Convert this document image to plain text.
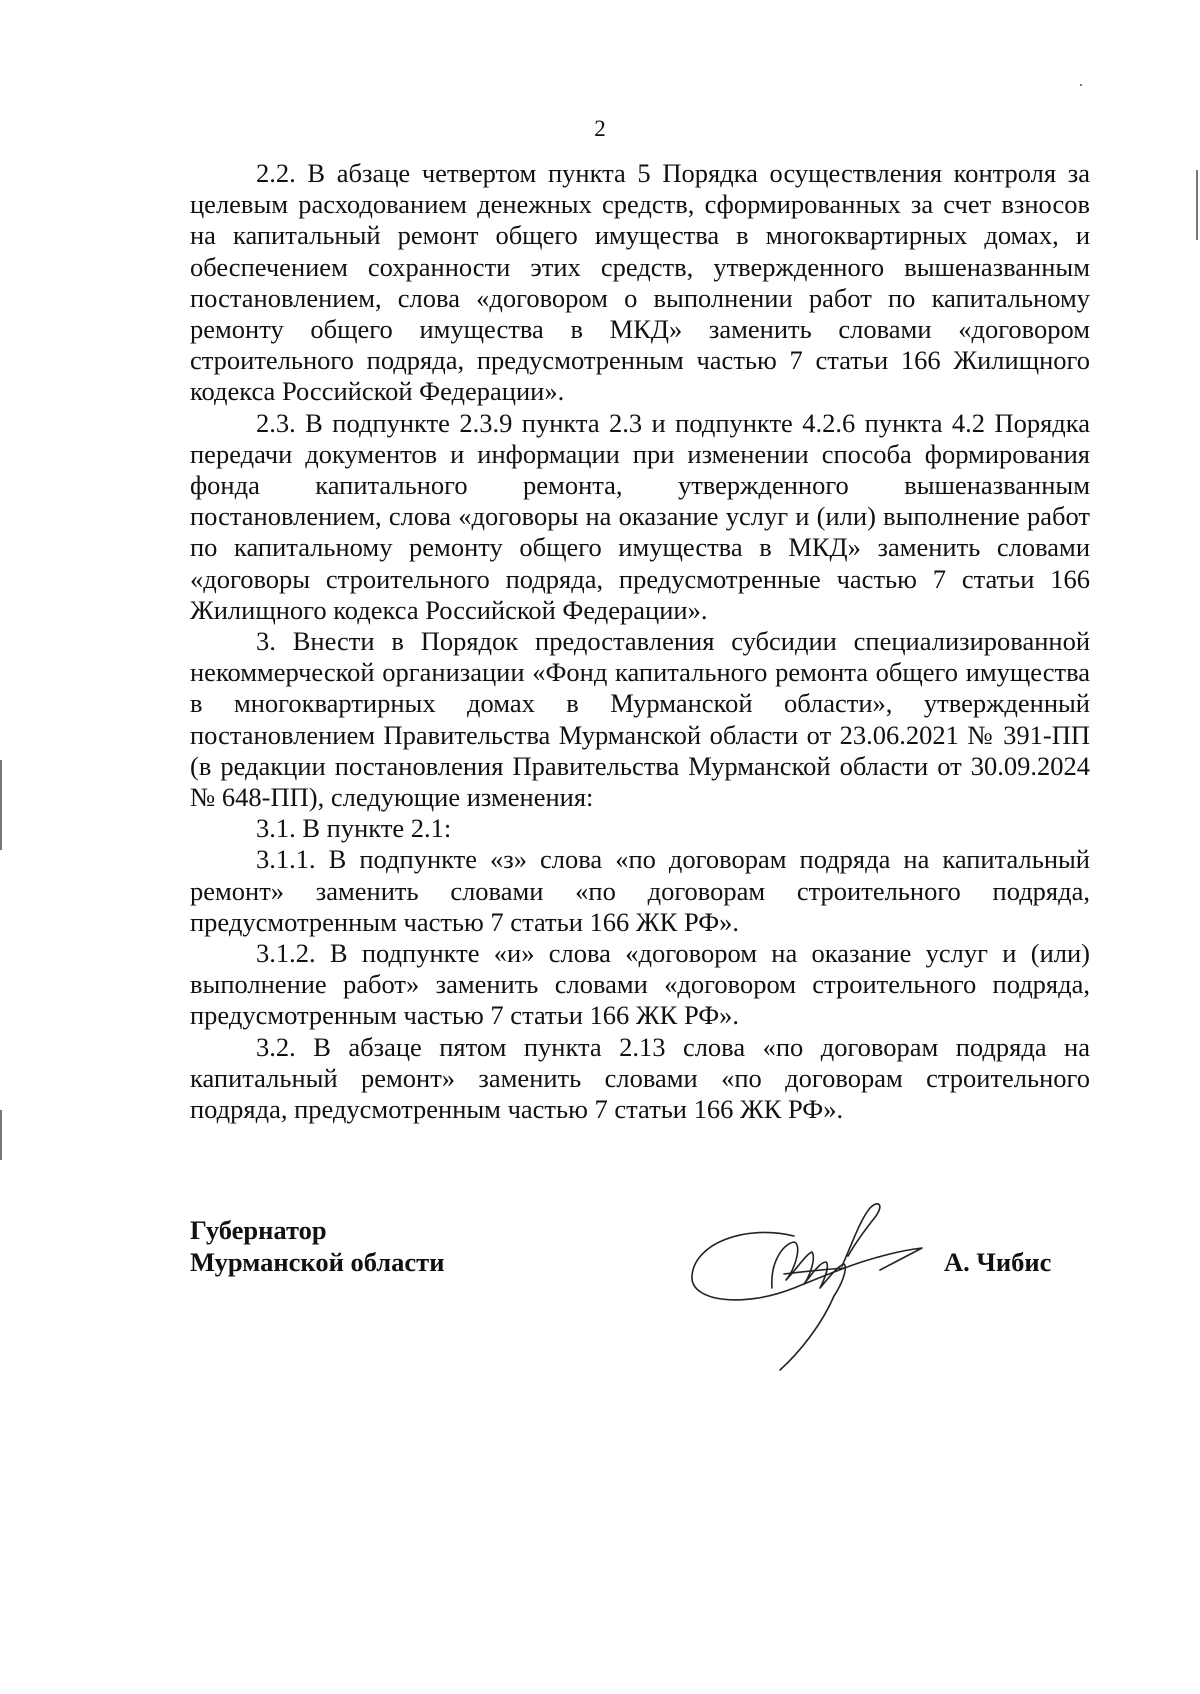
2

2.2. В абзаце четвертом пункта 5 Порядка осуществления контроля за целевым расходованием денежных средств, сформированных за счет взносов на капитальный ремонт общего имущества в многоквартирных домах, и обеспечением сохранности этих средств, утвержденного вышеназванным постановлением, слова «договором о выполнении работ по капитальному ремонту общего имущества в МКД» заменить словами «договором строительного подряда, предусмотренным частью 7 статьи 166 Жилищного кодекса Российской Федерации».

2.3. В подпункте 2.3.9 пункта 2.3 и подпункте 4.2.6 пункта 4.2 Порядка передачи документов и информации при изменении способа формирования фонда капитального ремонта, утвержденного вышеназванным постановлением, слова «договоры на оказание услуг и (или) выполнение работ по капитальному ремонту общего имущества в МКД» заменить словами «договоры строительного подряда, предусмотренные частью 7 статьи 166 Жилищного кодекса Российской Федерации».

3. Внести в Порядок предоставления субсидии специализированной некоммерческой организации «Фонд капитального ремонта общего имущества в многоквартирных домах в Мурманской области», утвержденный постановлением Правительства Мурманской области от 23.06.2021 № 391-ПП (в редакции постановления Правительства Мурманской области от 30.09.2024 № 648-ПП), следующие изменения:

3.1. В пункте 2.1:

3.1.1. В подпункте «з» слова «по договорам подряда на капитальный ремонт» заменить словами «по договорам строительного подряда, предусмотренным частью 7 статьи 166 ЖК РФ».

3.1.2. В подпункте «и» слова «договором на оказание услуг и (или) выполнение работ» заменить словами «договором строительного подряда, предусмотренным частью 7 статьи 166 ЖК РФ».

3.2. В абзаце пятом пункта 2.13 слова «по договорам подряда на капитальный ремонт» заменить словами «по договорам строительного подряда, предусмотренным частью 7 статьи 166 ЖК РФ».

Губернатор
Мурманской области	А. Чибис
